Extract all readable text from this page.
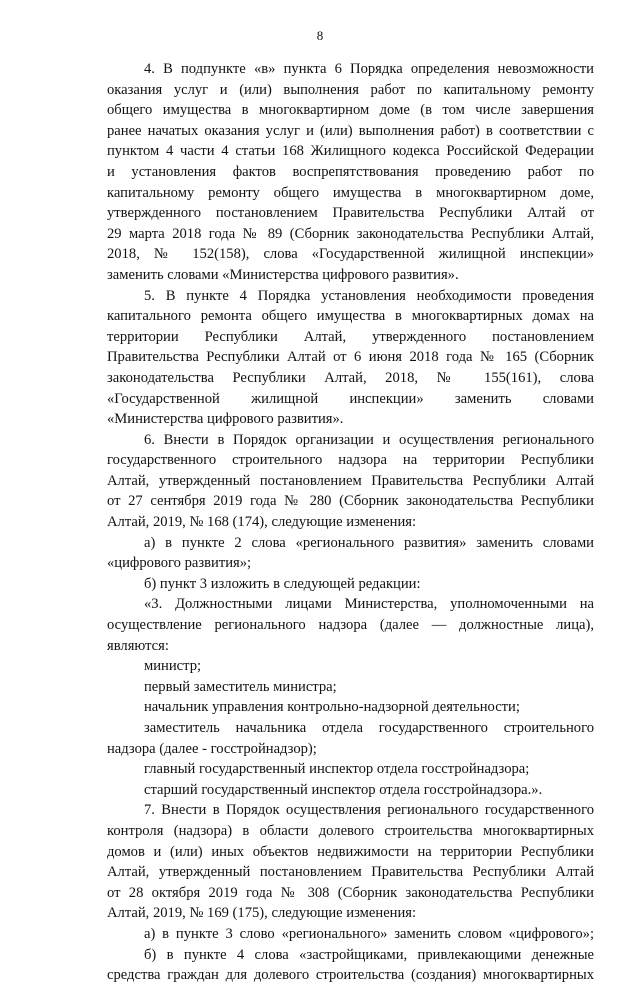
8
4. В подпункте «в» пункта 6 Порядка определения невозможности
оказания услуг и (или) выполнения работ по капитальному ремонту
общего имущества в многоквартирном доме (в том числе завершения
ранее начатых оказания услуг и (или) выполнения работ) в соответствии с
пунктом 4 части 4 статьи 168 Жилищного кодекса Российской Федерации
и установления фактов воспрепятствования проведению работ по
капитальному ремонту общего имущества в многоквартирном доме,
утвержденного постановлением Правительства Республики Алтай от
29 марта 2018 года № 89 (Сборник законодательства Республики Алтай,
2018, № 152(158), слова «Государственной жилищной инспекции»
заменить словами «Министерства цифрового развития».
5. В пункте 4 Порядка установления необходимости проведения
капитального ремонта общего имущества в многоквартирных домах на
территории Республики Алтай, утвержденного постановлением
Правительства Республики Алтай от 6 июня 2018 года № 165 (Сборник
законодательства Республики Алтай, 2018, № 155(161), слова
«Государственной жилищной инспекции» заменить словами
«Министерства цифрового развития».
6. Внести в Порядок организации и осуществления регионального
государственного строительного надзора на территории Республики
Алтай, утвержденный постановлением Правительства Республики Алтай
от 27 сентября 2019 года № 280 (Сборник законодательства Республики
Алтай, 2019, № 168 (174), следующие изменения:
а) в пункте 2 слова «регионального развития» заменить словами
«цифрового развития»;
б) пункт 3 изложить в следующей редакции:
«3. Должностными лицами Министерства, уполномоченными на
осуществление регионального надзора (далее — должностные лица),
являются:
министр;
первый заместитель министра;
начальник управления контрольно-надзорной деятельности;
заместитель начальника отдела государственного строительного
надзора (далее - госстройнадзор);
главный государственный инспектор отдела госстройнадзора;
старший государственный инспектор отдела госстройнадзора.».
7. Внести в Порядок осуществления регионального государственного
контроля (надзора) в области долевого строительства многоквартирных
домов и (или) иных объектов недвижимости на территории Республики
Алтай, утвержденный постановлением Правительства Республики Алтай
от 28 октября 2019 года № 308 (Сборник законодательства Республики
Алтай, 2019, № 169 (175), следующие изменения:
а) в пункте 3 слово «регионального» заменить словом «цифрового»;
б) в пункте 4 слова «застройщиками, привлекающими денежные
средства граждан для долевого строительства (создания) многоквартирных
